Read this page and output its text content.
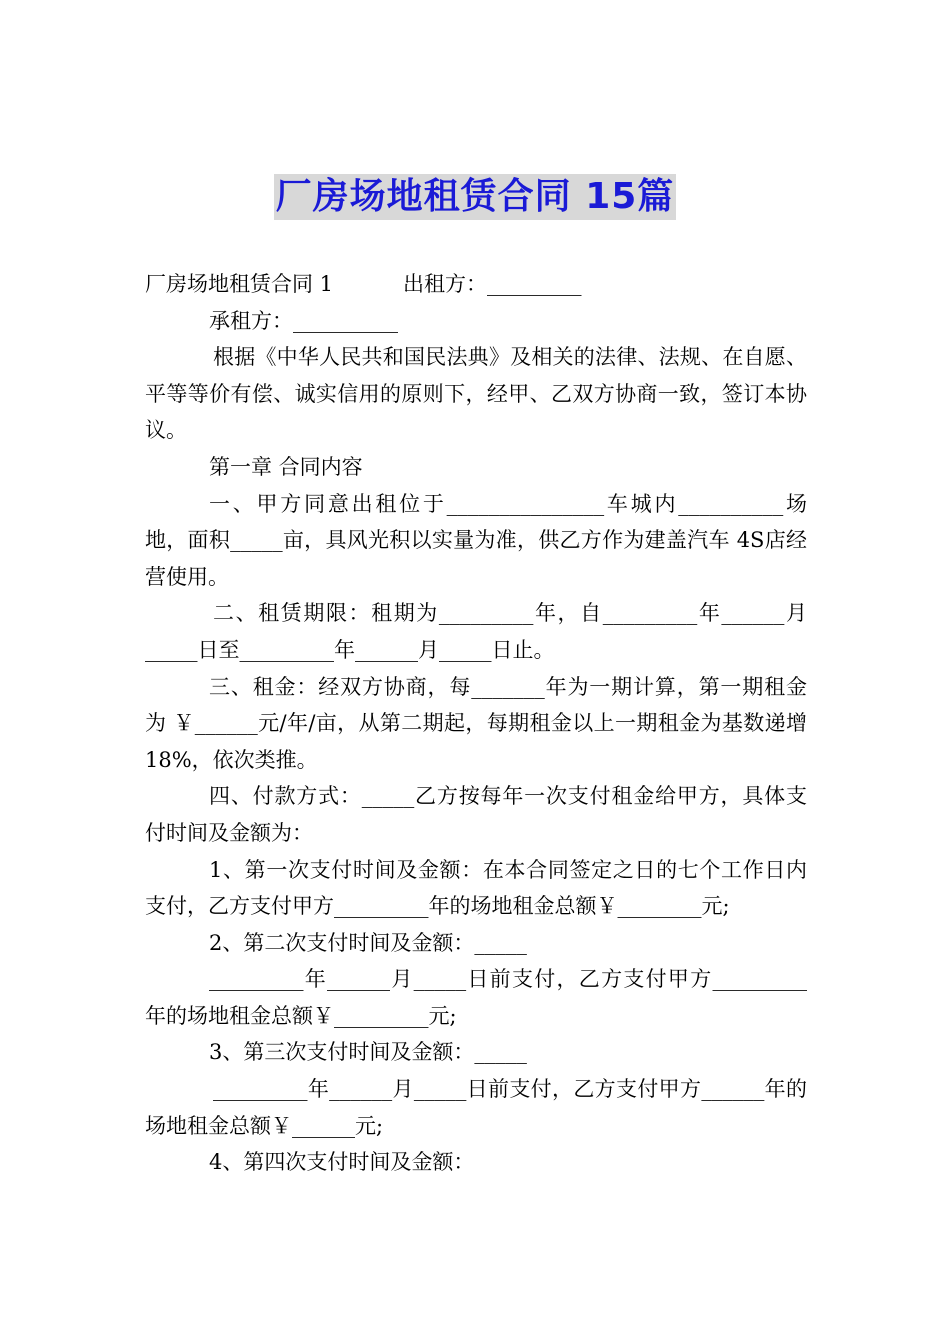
厂房场地租赁合同 15篇

厂房场地租赁合同 1	出租方：_________

承租方：__________

根据《中华人民共和国民法典》及相关的法律、法规、在自愿、平等等价有偿、诚实信用的原则下，经甲、乙双方协商一致，签订本协议。

第一章 合同内容

一、甲方同意出租位于_______________车城内__________场地，面积_____亩，具风光积以实量为准，供乙方作为建盖汽车 4S店经营使用。

二、租赁期限：租期为_________年，自_________年______月_____日至_________年______月_____日止。

三、租金：经双方协商，每_______年为一期计算，第一期租金为 ￥______元/年/亩，从第二期起，每期租金以上一期租金为基数递增 18%，依次类推。

四、付款方式：_____乙方按每年一次支付租金给甲方，具体支 付时间及金额为：

1、第一次支付时间及金额：在本合同签定之日的七个工作日内支付，乙方支付甲方_________年的场地租金总额￥________元;

2、第二次支付时间及金额：_____

_________年______月_____日前支付，乙方支付甲方_________年的场地租金总额￥_________元;

3、第三次支付时间及金额：_____

_________年______月_____日前支付，乙方支付甲方______年的场地租金总额￥______元;

4、第四次支付时间及金额：
